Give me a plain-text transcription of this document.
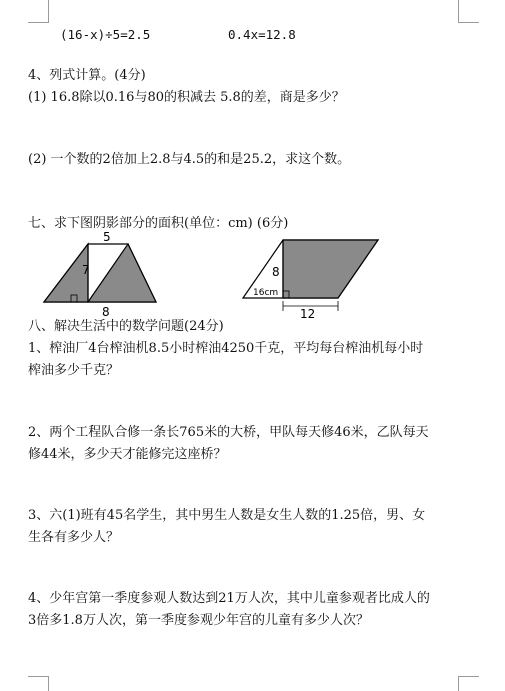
(16-x)÷5=2.5	0.4x=12.8
4、列式计算。(4分)
(1) 16.8除以0.16与80的积减去 5.8的差，商是多少？
(2) 一个数的2倍加上2.8与4.5的和是25.2，求这个数。
七、求下图阴影部分的面积(单位：cm) (6分)
5
7
8
8
16cm
12
八、解决生活中的数学问题(24分)
1、榨油厂4台榨油机8.5小时榨油4250千克，平均每台榨油机每小时
榨油多少千克？
2、两个工程队合修一条长765米的大桥，甲队每天修46米，乙队每天
修44米，多少天才能修完这座桥？
3、六(1)班有45名学生，其中男生人数是女生人数的1.25倍，男、女
生各有多少人？
4、少年宫第一季度参观人数达到21万人次，其中儿童参观者比成人的
3倍多1.8万人次，第一季度参观少年宫的儿童有多少人次？
